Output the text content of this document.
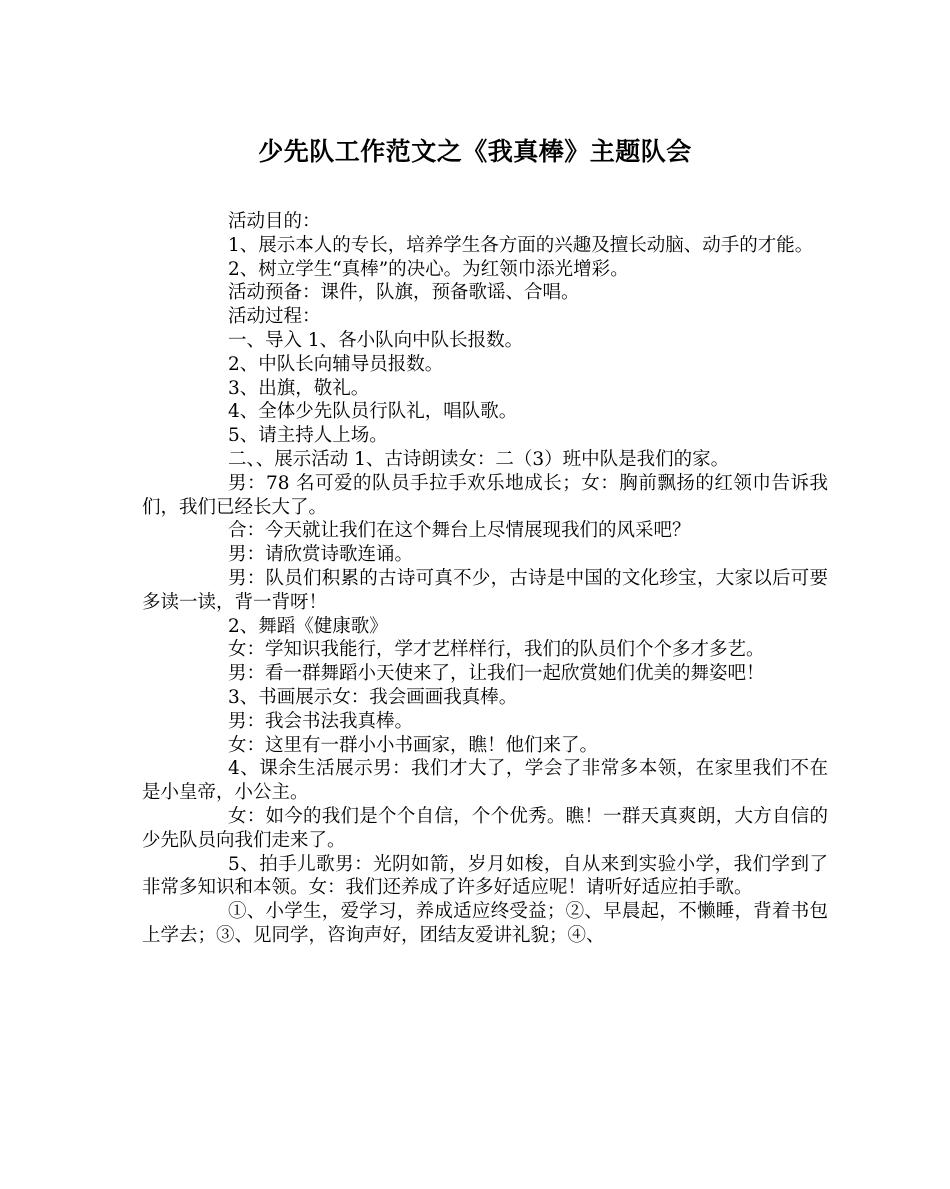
少先队工作范文之《我真棒》主题队会

活动目的：

1、展示本人的专长，培养学生各方面的兴趣及擅长动脑、动手的才能。

2、树立学生“真棒”的决心。为红领巾添光增彩。

活动预备：课件，队旗，预备歌谣、合唱。

活动过程：

一、导入 1、各小队向中队长报数。

2、中队长向辅导员报数。

3、出旗，敬礼。

4、全体少先队员行队礼，唱队歌。

5、请主持人上场。

二、、展示活动 1、古诗朗读女：二（3）班中队是我们的家。

男：78 名可爱的队员手拉手欢乐地成长；女：胸前飘扬的红领巾告诉我们，我们已经长大了。

合：今天就让我们在这个舞台上尽情展现我们的风采吧？

男：请欣赏诗歌连诵。

男：队员们积累的古诗可真不少，古诗是中国的文化珍宝，大家以后可要多读一读，背一背呀！

2、舞蹈《健康歌》

女：学知识我能行，学才艺样样行，我们的队员们个个多才多艺。

男：看一群舞蹈小天使来了，让我们一起欣赏她们优美的舞姿吧！

3、书画展示女：我会画画我真棒。

男：我会书法我真棒。

女：这里有一群小小书画家，瞧！他们来了。

4、课余生活展示男：我们才大了，学会了非常多本领，在家里我们不在是小皇帝，小公主。

女：如今的我们是个个自信，个个优秀。瞧！一群天真爽朗，大方自信的少先队员向我们走来了。

5、拍手儿歌男：光阴如箭，岁月如梭，自从来到实验小学，我们学到了非常多知识和本领。女：我们还养成了许多好适应呢！请听好适应拍手歌。

①、小学生，爱学习，养成适应终受益；②、早晨起，不懒睡，背着书包上学去；③、见同学，咨询声好，团结友爱讲礼貌；④、
